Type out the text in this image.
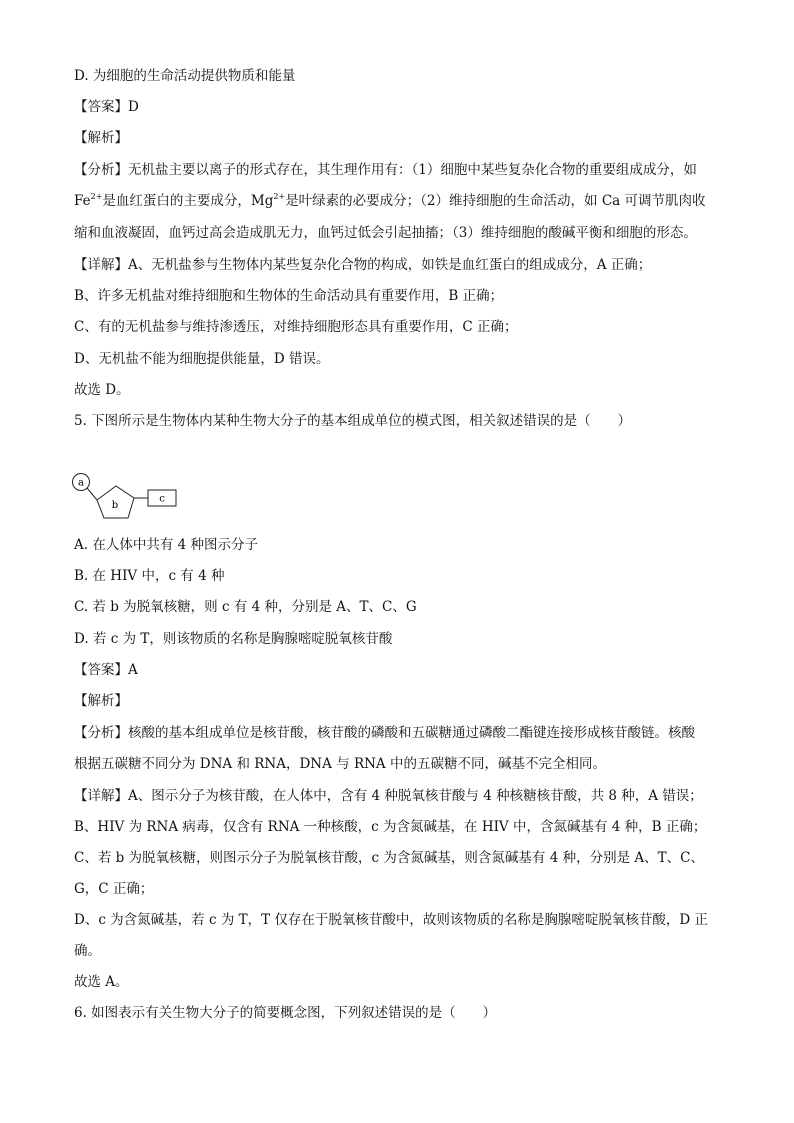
D. 为细胞的生命活动提供物质和能量
【答案】D
【解析】
【分析】无机盐主要以离子的形式存在，其生理作用有：（1）细胞中某些复杂化合物的重要组成成分，如
$Fe^{2+}$是血红蛋白的主要成分，$Mg^{2+}$是叶绿素的必要成分；（2）维持细胞的生命活动，如 Ca 可调节肌肉收
缩和血液凝固，血钙过高会造成肌无力，血钙过低会引起抽搐；（3）维持细胞的酸碱平衡和细胞的形态。
【详解】A、无机盐参与生物体内某些复杂化合物的构成，如铁是血红蛋白的组成成分，A 正确；
B、许多无机盐对维持细胞和生物体的生命活动具有重要作用，B 正确；
C、有的无机盐参与维持渗透压，对维持细胞形态具有重要作用，C 正确；
D、无机盐不能为细胞提供能量，D 错误。
故选 D。
5. 下图所示是生物体内某种生物大分子的基本组成单位的模式图，相关叙述错误的是（　　）
a
b
c
A. 在人体中共有 4 种图示分子
B. 在 HIV 中，c 有 4 种
C. 若 b 为脱氧核糖，则 c 有 4 种，分别是 A、T、C、G
D. 若 c 为 T，则该物质的名称是胸腺嘧啶脱氧核苷酸
【答案】A
【解析】
【分析】核酸的基本组成单位是核苷酸，核苷酸的磷酸和五碳糖通过磷酸二酯键连接形成核苷酸链。核酸
根据五碳糖不同分为 DNA 和 RNA，DNA 与 RNA 中的五碳糖不同，碱基不完全相同。
【详解】A、图示分子为核苷酸，在人体中，含有 4 种脱氧核苷酸与 4 种核糖核苷酸，共 8 种，A 错误；
B、HIV 为 RNA 病毒，仅含有 RNA 一种核酸，c 为含氮碱基，在 HIV 中，含氮碱基有 4 种，B 正确；
C、若 b 为脱氧核糖，则图示分子为脱氧核苷酸，c 为含氮碱基，则含氮碱基有 4 种，分别是 A、T、C、
G，C 正确；
D、c 为含氮碱基，若 c 为 T，T 仅存在于脱氧核苷酸中，故则该物质的名称是胸腺嘧啶脱氧核苷酸，D 正
确。
故选 A。
6. 如图表示有关生物大分子的简要概念图，下列叙述错误的是（　　）
